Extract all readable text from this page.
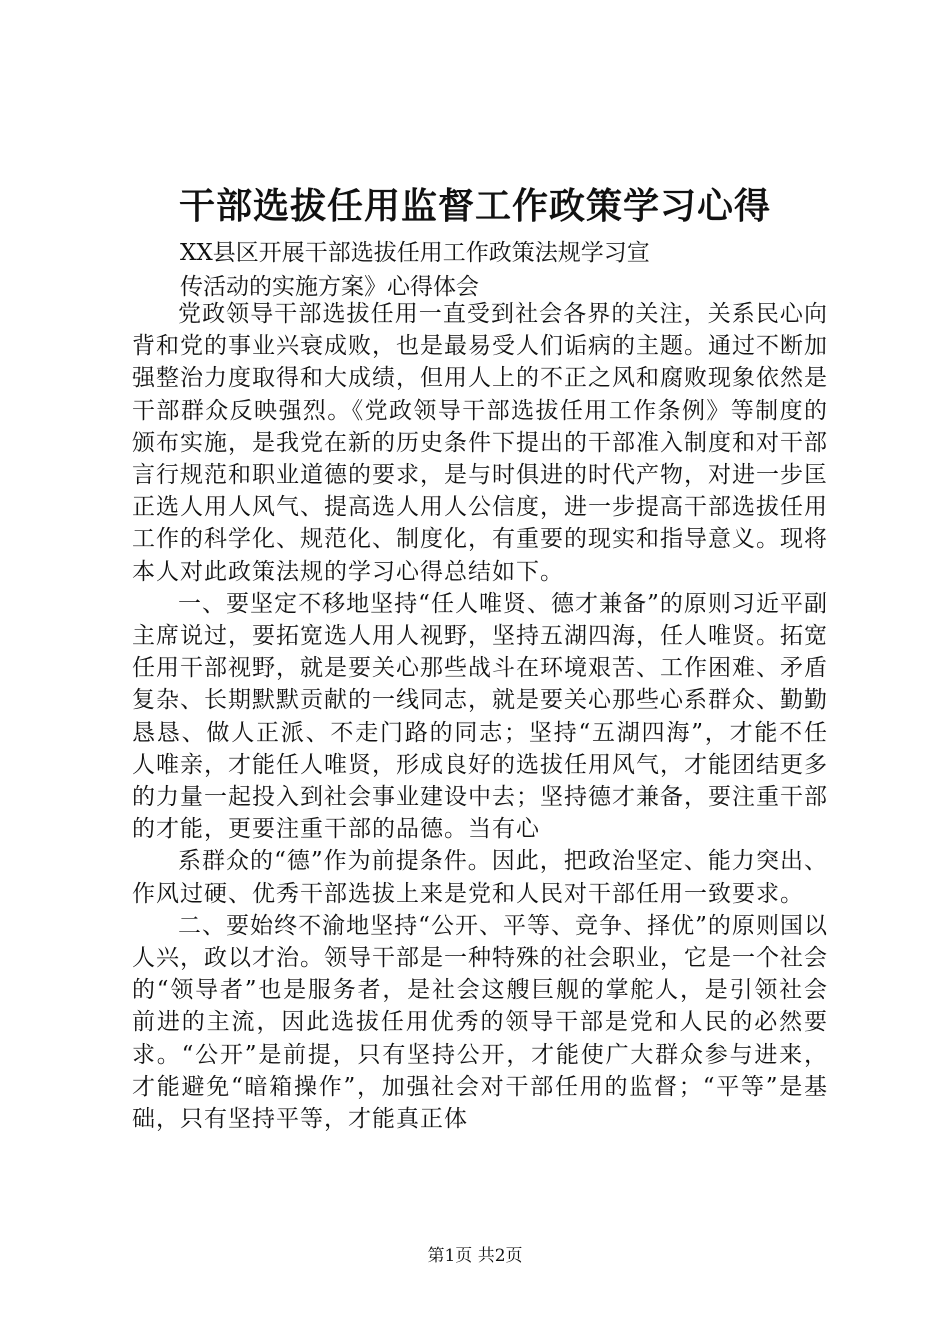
干部选拔任用监督工作政策学习心得
XX县区开展干部选拔任用工作政策法规学习宣
传活动的实施方案》心得体会

党政领导干部选拔任用一直受到社会各界的关注，关系民心向背和党的事业兴衰成败，也是最易受人们诟病的主题。通过不断加强整治力度取得和大成绩，但用人上的不正之风和腐败现象依然是干部群众反映强烈。《党政领导干部选拔任用工作条例》等制度的颁布实施，是我党在新的历史条件下提出的干部准入制度和对干部言行规范和职业道德的要求，是与时俱进的时代产物，对进一步匡正选人用人风气、提高选人用人公信度，进一步提高干部选拔任用工作的科学化、规范化、制度化，有重要的现实和指导意义。现将本人对此政策法规的学习心得总结如下。

一、要坚定不移地坚持“任人唯贤、德才兼备”的原则习近平副主席说过，要拓宽选人用人视野，坚持五湖四海，任人唯贤。拓宽任用干部视野，就是要关心那些战斗在环境艰苦、工作困难、矛盾复杂、长期默默贡献的一线同志，就是要关心那些心系群众、勤勤恳恳、做人正派、不走门路的同志；坚持“五湖四海”，才能不任人唯亲，才能任人唯贤，形成良好的选拔任用风气，才能团结更多的力量一起投入到社会事业建设中去；坚持德才兼备，要注重干部的才能，更要注重干部的品德。当有心

系群众的“德”作为前提条件。因此，把政治坚定、能力突出、作风过硬、优秀干部选拔上来是党和人民对干部任用一致要求。

二、要始终不渝地坚持“公开、平等、竞争、择优”的原则国以人兴，政以才治。领导干部是一种特殊的社会职业，它是一个社会的“领导者”也是服务者，是社会这艘巨舰的掌舵人，是引领社会前进的主流，因此选拔任用优秀的领导干部是党和人民的必然要求。“公开”是前提，只有坚持公开，才能使广大群众参与进来，才能避免“暗箱操作”，加强社会对干部任用的监督；“平等”是基础，只有坚持平等，才能真正体

第1页 共2页
